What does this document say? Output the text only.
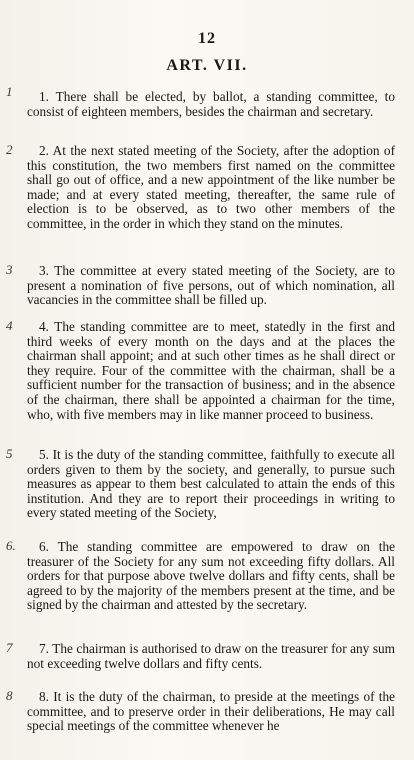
12
ART. VII.
1	1. There shall be elected, by ballot, a standing committee, to consist of eighteen members, besides the chairman and secretary.
2	2. At the next stated meeting of the Society, after the adoption of this constitution, the two members first named on the committee shall go out of office, and a new appointment of the like number be made; and at every stated meeting, thereafter, the same rule of election is to be observed, as to two other members of the committee, in the order in which they stand on the minutes.
3	3. The committee at every stated meeting of the Society, are to present a nomination of five persons, out of which nomination, all vacancies in the committee shall be filled up.
4	4. The standing committee are to meet, statedly in the first and third weeks of every month on the days and at the places the chairman shall appoint; and at such other times as he shall direct or they require. Four of the committee with the chairman, shall be a sufficient number for the transaction of business; and in the absence of the chairman, there shall be appointed a chairman for the time, who, with five members may in like manner proceed to business.
5	5. It is the duty of the standing committee, faithfully to execute all orders given to them by the society, and generally, to pursue such measures as appear to them best calculated to attain the ends of this institution. And they are to report their proceedings in writing to every stated meeting of the Society,
6.	6. The standing committee are empowered to draw on the treasurer of the Society for any sum not exceeding fifty dollars. All orders for that purpose above twelve dollars and fifty cents, shall be agreed to by the majority of the members present at the time, and be signed by the chairman and attested by the secretary.
7	7. The chairman is authorised to draw on the treasurer for any sum not exceeding twelve dollars and fifty cents.
8	8. It is the duty of the chairman, to preside at the meetings of the committee, and to preserve order in their deliberations, He may call special meetings of the committee whenever he
